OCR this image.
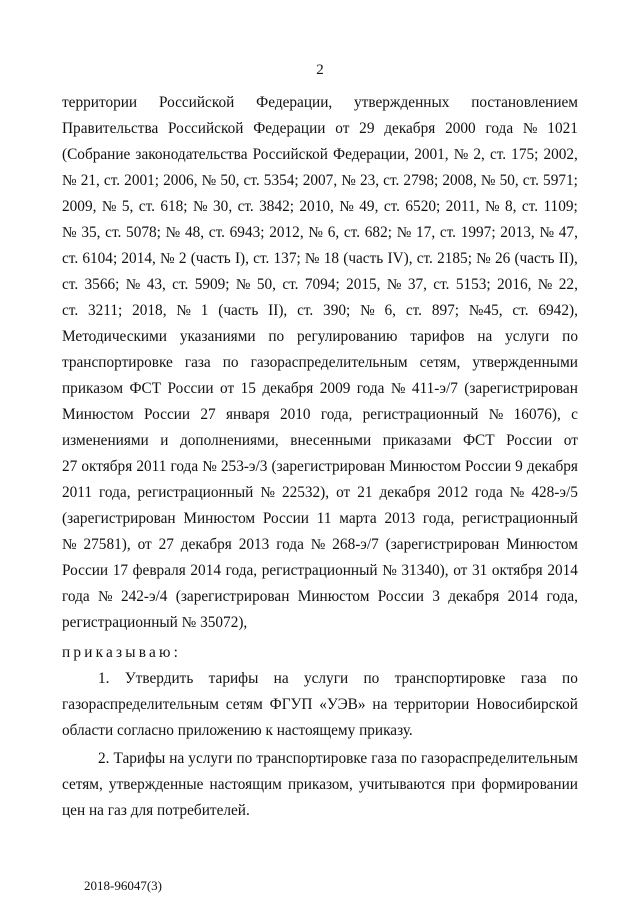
2
территории Российской Федерации, утвержденных постановлением
Правительства Российской Федерации от 29 декабря 2000 года № 1021
(Собрание законодательства Российской Федерации, 2001, № 2, ст. 175; 2002,
№ 21, ст. 2001; 2006, № 50, ст. 5354; 2007, № 23, ст. 2798; 2008, № 50, ст. 5971;
2009, № 5, ст. 618; № 30, ст. 3842; 2010, № 49, ст. 6520; 2011, № 8, ст. 1109;
№ 35, ст. 5078; № 48, ст. 6943; 2012, № 6, ст. 682; № 17, ст. 1997; 2013, № 47,
ст. 6104; 2014, № 2 (часть I), ст. 137; № 18 (часть IV), ст. 2185; № 26 (часть II),
ст. 3566; № 43, ст. 5909; № 50, ст. 7094; 2015, № 37, ст. 5153; 2016, № 22,
ст. 3211; 2018, № 1 (часть II), ст. 390; № 6, ст. 897; №45, ст. 6942),
Методическими указаниями по регулированию тарифов на услуги по
транспортировке газа по газораспределительным сетям, утвержденными
приказом ФСТ России от 15 декабря 2009 года № 411-э/7 (зарегистрирован
Минюстом России 27 января 2010 года, регистрационный № 16076), с
изменениями и дополнениями, внесенными приказами ФСТ России от
27 октября 2011 года № 253-э/3 (зарегистрирован Минюстом России 9 декабря
2011 года, регистрационный № 22532), от 21 декабря 2012 года № 428-э/5
(зарегистрирован Минюстом России 11 марта 2013 года, регистрационный
№ 27581), от 27 декабря 2013 года № 268-э/7 (зарегистрирован Минюстом
России 17 февраля 2014 года, регистрационный № 31340), от 31 октября 2014
года № 242-э/4 (зарегистрирован Минюстом России 3 декабря 2014 года,
регистрационный № 35072),
приказываю:
1. Утвердить тарифы на услуги по транспортировке газа по
газораспределительным сетям ФГУП «УЭВ» на территории Новосибирской
области согласно приложению к настоящему приказу.
2. Тарифы на услуги по транспортировке газа по газораспределительным
сетям, утвержденные настоящим приказом, учитываются при формировании
цен на газ для потребителей.
2018-96047(3)
